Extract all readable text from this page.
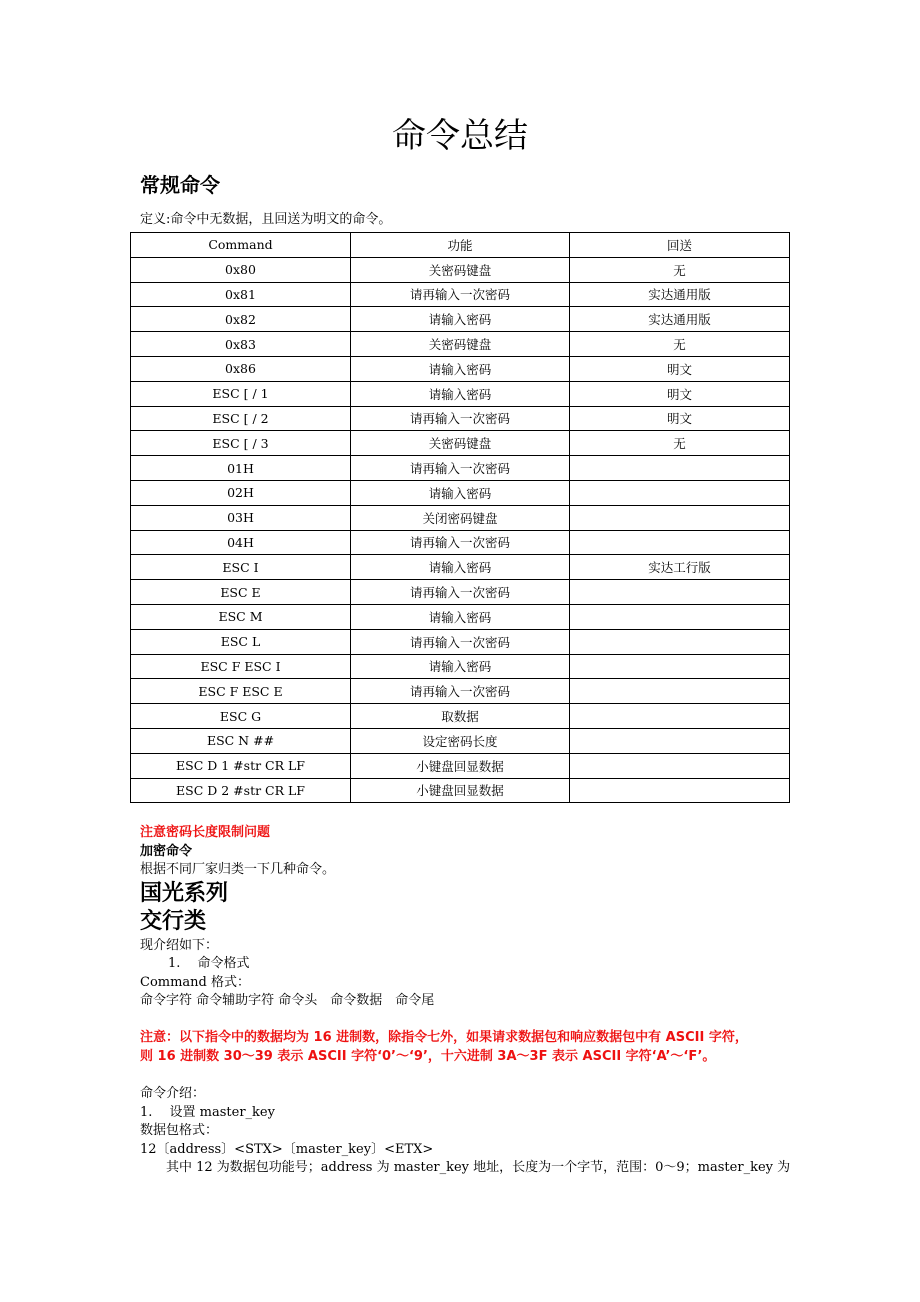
命令总结
常规命令
定义:命令中无数据，且回送为明文的命令。
Command	功能	回送
0x80	关密码键盘	无
0x81	请再输入一次密码	实达通用版
0x82	请输入密码	实达通用版
0x83	关密码键盘	无
0x86	请输入密码	明文
ESC [ / 1	请输入密码	明文
ESC [ / 2	请再输入一次密码	明文
ESC [ / 3	关密码键盘	无
01H	请再输入一次密码	
02H	请输入密码	
03H	关闭密码键盘	
04H	请再输入一次密码	
ESC I	请输入密码	实达工行版
ESC E	请再输入一次密码	
ESC M	请输入密码	
ESC L	请再输入一次密码	
ESC F ESC I	请输入密码	
ESC F ESC E	请再输入一次密码	
ESC G	取数据	
ESC N ##	设定密码长度	
ESC D 1 #str CR LF	小键盘回显数据	
ESC D 2 #str CR LF	小键盘回显数据	
注意密码长度限制问题
加密命令
根据不同厂家归类一下几种命令。
国光系列
交行类
现介绍如下：
1.　 命令格式
Command 格式：
命令字符 命令辅助字符 命令头　命令数据　命令尾
注意：以下指令中的数据均为 16 进制数，除指令七外，如果请求数据包和响应数据包中有 ASCII 字符，
则 16 进制数 30～39 表示 ASCII 字符‘0’～‘9’，十六进制 3A～3F 表示 ASCII 字符‘A’～‘F’。
命令介绍：
1.　 设置 master_key
数据包格式：
12〔address〕<STX>〔master_key〕<ETX>
　　其中 12 为数据包功能号；address 为 master_key 地址，长度为一个字节，范围：0～9；master_key 为
